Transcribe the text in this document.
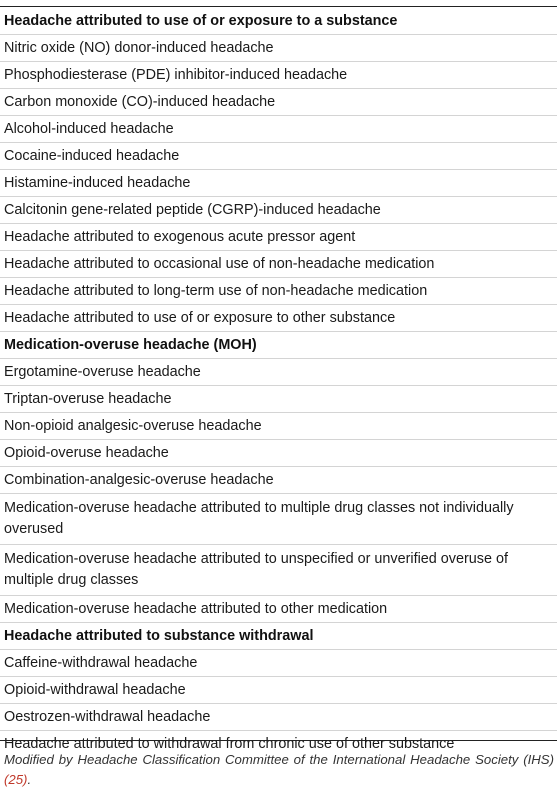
Headache attributed to use of or exposure to a substance
Nitric oxide (NO) donor-induced headache
Phosphodiesterase (PDE) inhibitor-induced headache
Carbon monoxide (CO)-induced headache
Alcohol-induced headache
Cocaine-induced headache
Histamine-induced headache
Calcitonin gene-related peptide (CGRP)-induced headache
Headache attributed to exogenous acute pressor agent
Headache attributed to occasional use of non-headache medication
Headache attributed to long-term use of non-headache medication
Headache attributed to use of or exposure to other substance
Medication-overuse headache (MOH)
Ergotamine-overuse headache
Triptan-overuse headache
Non-opioid analgesic-overuse headache
Opioid-overuse headache
Combination-analgesic-overuse headache
Medication-overuse headache attributed to multiple drug classes not individually overused
Medication-overuse headache attributed to unspecified or unverified overuse of multiple drug classes
Medication-overuse headache attributed to other medication
Headache attributed to substance withdrawal
Caffeine-withdrawal headache
Opioid-withdrawal headache
Oestrozen-withdrawal headache
Headache attributed to withdrawal from chronic use of other substance

Modified by Headache Classification Committee of the International Headache Society (IHS) (25).
